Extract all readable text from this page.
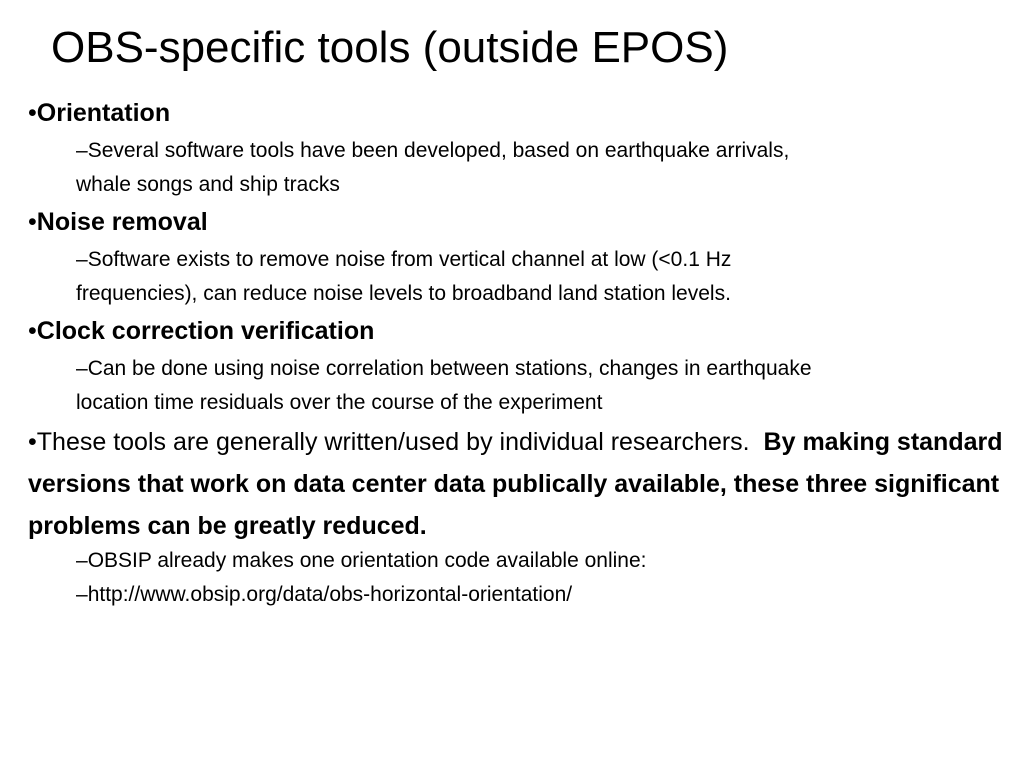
OBS-specific tools (outside EPOS)
•Orientation
–Several software tools have been developed, based on earthquake arrivals,
whale songs and ship tracks
•Noise removal
–Software exists to remove noise from vertical channel at low (<0.1 Hz
frequencies), can reduce noise levels to broadband land station levels.
•Clock correction verification
–Can be done using noise correlation between stations, changes in earthquake
location time residuals over the course of the experiment
•These tools are generally written/used by individual researchers. By making standard versions that work on data center data publically available, these three significant problems can be greatly reduced.
–OBSIP already makes one orientation code available online:
–http://www.obsip.org/data/obs-horizontal-orientation/
